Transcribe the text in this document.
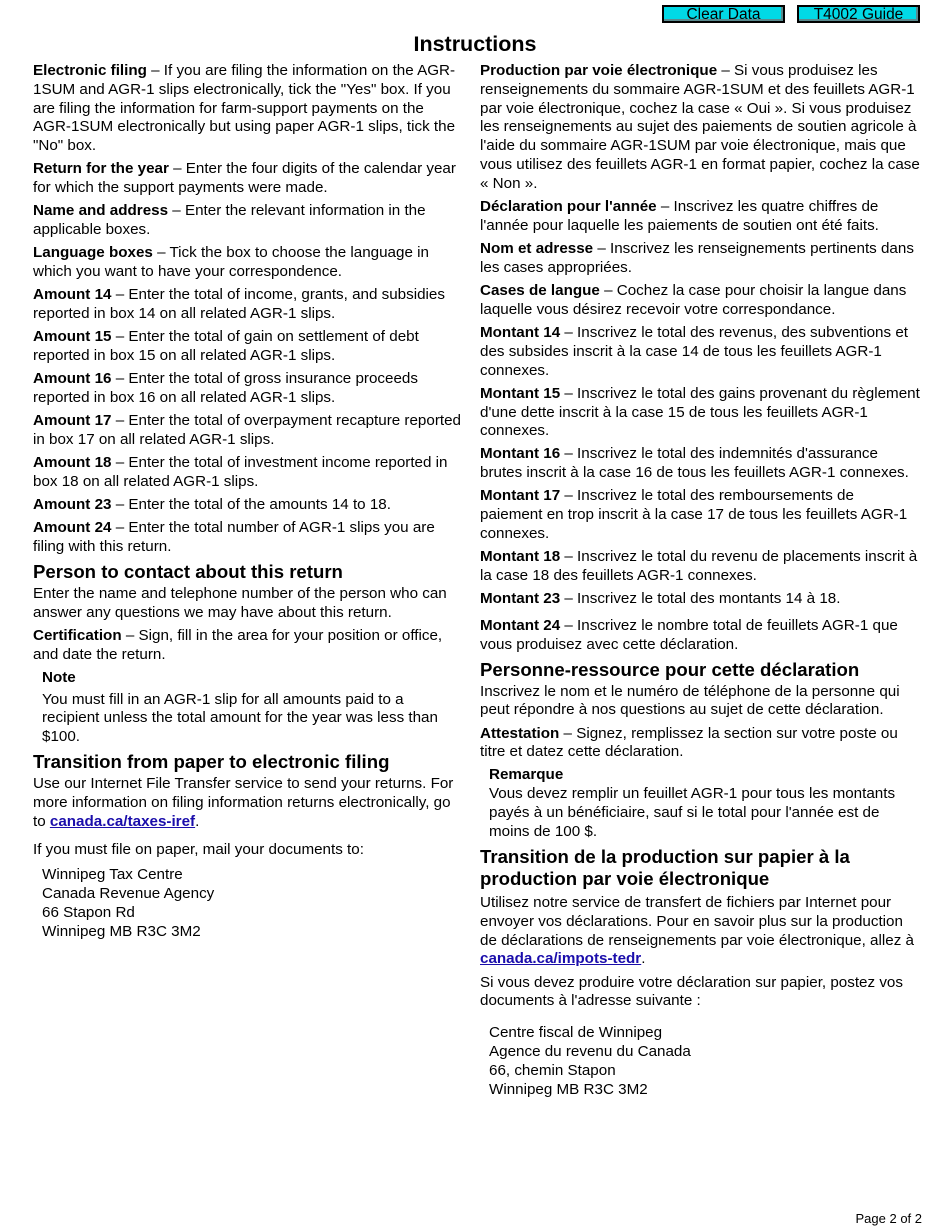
Clear Data	T4002 Guide
Instructions

Electronic filing – If you are filing the information on the AGR-1SUM and AGR-1 slips electronically, tick the "Yes" box. If you are filing the information for farm-support payments on the AGR-1SUM electronically but using paper AGR-1 slips, tick the "No" box.

Return for the year – Enter the four digits of the calendar year for which the support payments were made.

Name and address – Enter the relevant information in the applicable boxes.

Language boxes – Tick the box to choose the language in which you want to have your correspondence.

Amount 14 – Enter the total of income, grants, and subsidies reported in box 14 on all related AGR-1 slips.

Amount 15 – Enter the total of gain on settlement of debt reported in box 15 on all related AGR-1 slips.

Amount 16 – Enter the total of gross insurance proceeds reported in box 16 on all related AGR-1 slips.

Amount 17 – Enter the total of overpayment recapture reported in box 17 on all related AGR-1 slips.

Amount 18 – Enter the total of investment income reported in box 18 on all related AGR-1 slips.

Amount 23 – Enter the total of the amounts 14 to 18.

Amount 24 – Enter the total number of AGR-1 slips you are filing with this return.

Person to contact about this return

Enter the name and telephone number of the person who can answer any questions we may have about this return.

Certification – Sign, fill in the area for your position or office, and date the return.

Note

You must fill in an AGR-1 slip for all amounts paid to a recipient unless the total amount for the year was less than $100.

Transition from paper to electronic filing

Use our Internet File Transfer service to send your returns. For more information on filing information returns electronically, go to canada.ca/taxes-iref.

If you must file on paper, mail your documents to:

Winnipeg Tax Centre
Canada Revenue Agency
66 Stapon Rd
Winnipeg MB R3C 3M2

Production par voie électronique – Si vous produisez les renseignements du sommaire AGR-1SUM et des feuillets AGR-1 par voie électronique, cochez la case « Oui ». Si vous produisez les renseignements au sujet des paiements de soutien agricole à l'aide du sommaire AGR-1SUM par voie électronique, mais que vous utilisez des feuillets AGR-1 en format papier, cochez la case « Non ».

Déclaration pour l'année – Inscrivez les quatre chiffres de l'année pour laquelle les paiements de soutien ont été faits.

Nom et adresse – Inscrivez les renseignements pertinents dans les cases appropriées.

Cases de langue – Cochez la case pour choisir la langue dans laquelle vous désirez recevoir votre correspondance.

Montant 14 – Inscrivez le total des revenus, des subventions et des subsides inscrit à la case 14 de tous les feuillets AGR-1 connexes.

Montant 15 – Inscrivez le total des gains provenant du règlement d'une dette inscrit à la case 15 de tous les feuillets AGR-1 connexes.

Montant 16 – Inscrivez le total des indemnités d'assurance brutes inscrit à la case 16 de tous les feuillets AGR-1 connexes.

Montant 17 – Inscrivez le total des remboursements de paiement en trop inscrit à la case 17 de tous les feuillets AGR-1 connexes.

Montant 18 – Inscrivez le total du revenu de placements inscrit à la case 18 des feuillets AGR-1 connexes.

Montant 23 – Inscrivez le total des montants 14 à 18.

Montant 24 – Inscrivez le nombre total de feuillets AGR-1 que vous produisez avec cette déclaration.

Personne-ressource pour cette déclaration

Inscrivez le nom et le numéro de téléphone de la personne qui peut répondre à nos questions au sujet de cette déclaration.

Attestation – Signez, remplissez la section sur votre poste ou titre et datez cette déclaration.

Remarque

Vous devez remplir un feuillet AGR-1 pour tous les montants payés à un bénéficiaire, sauf si le total pour l'année est de moins de 100 $.

Transition de la production sur papier à la production par voie électronique

Utilisez notre service de transfert de fichiers par Internet pour envoyer vos déclarations. Pour en savoir plus sur la production de déclarations de renseignements par voie électronique, allez à canada.ca/impots-tedr.

Si vous devez produire votre déclaration sur papier, postez vos documents à l'adresse suivante :

Centre fiscal de Winnipeg
Agence du revenu du Canada
66, chemin Stapon
Winnipeg MB R3C 3M2
Page 2 of 2
